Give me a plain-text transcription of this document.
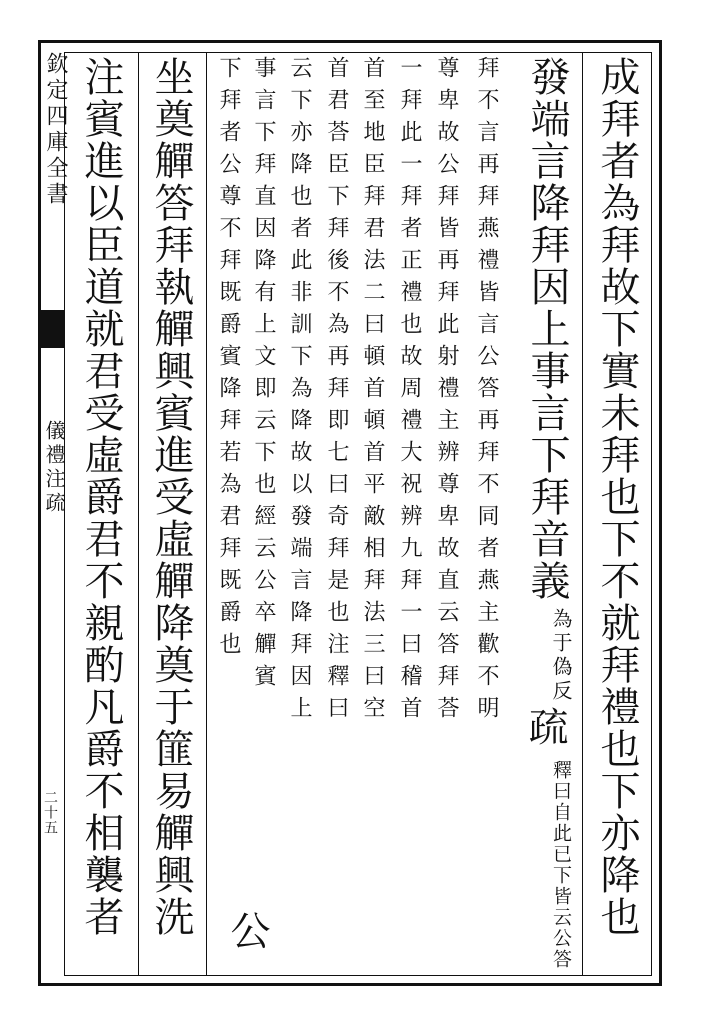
欽定四庫全書
儀禮注疏
二十五	成拜者為拜故下實未拜也下不就拜禮也下亦降也
發端言降拜因上事言下拜音義
為于偽反
疏
釋曰自此已下皆云公答
拜不言再拜燕禮皆言公答再拜不同者燕主歡不明
尊卑故公拜皆再拜此射禮主辨尊卑故直云答拜荅
一拜此一拜者正禮也故周禮大祝辨九拜一曰稽首
首至地臣拜君法二曰頓首頓首平敵相拜法三曰空
首君荅臣下拜後不為再拜即七曰奇拜是也注釋曰
云下亦降也者此非訓下為降故以發端言降拜因上
事言下拜直因降有上文即云下也經云公卒觶賓
下拜者公尊不拜既爵賓降拜若為君拜既爵也
公
坐奠觶答拜執觶興賓進受虛觶降奠于篚易觶興洗
注賓進以臣道就君受虛爵君不親酌凡爵不相襲者
